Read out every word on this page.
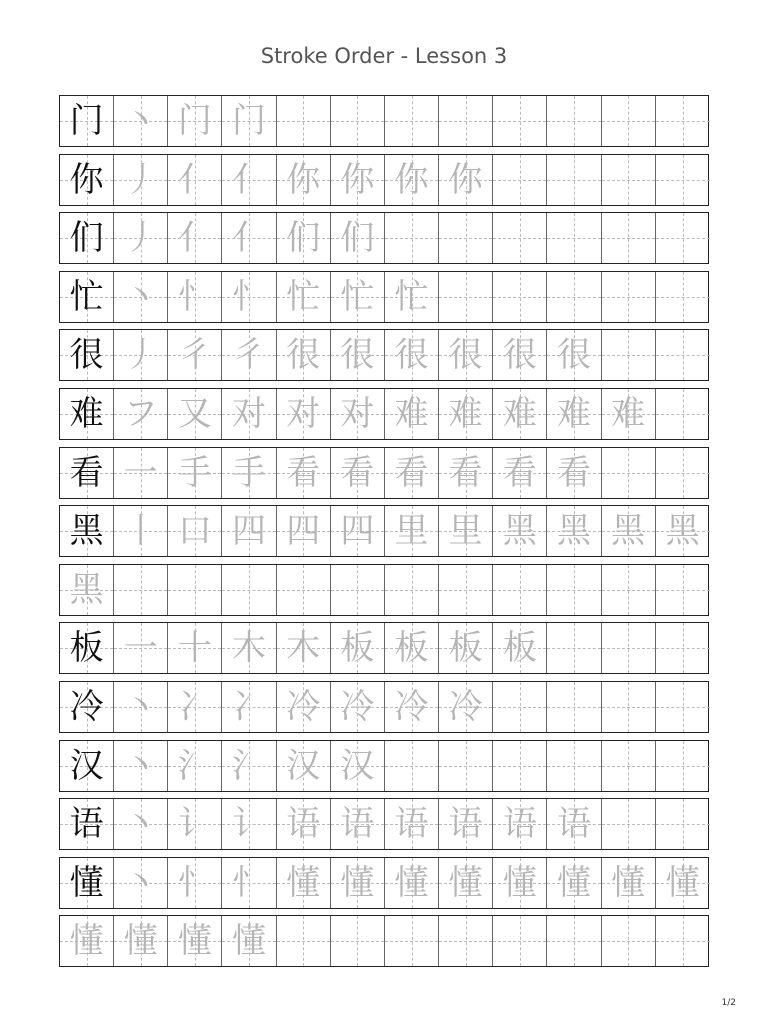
Stroke Order - Lesson 3
门 丶 门 门
你 丿 亻 亻 你 你 你 你
们 丿 亻 亻 们 们
忙 丶 忄 忄 忙 忙 忙
很 丿 彳 彳 很 很 很 很 很 很
难 フ 又 对 对 对 难 难 难 难 难
看 一 手 手 看 看 看 看 看 看
黑 丨 口 四 四 四 里 里 黑 黑 黑 黑
黑
板 一 十 木 木 板 板 板 板
冷 丶 冫 冫 冷 冷 冷 冷
汉 丶 氵 氵 汉 汉
语 丶 讠 讠 语 语 语 语 语 语
懂 丶 忄 忄 懂 懂 懂 懂 懂 懂 懂 懂
懂 懂 懂 懂
1/2
